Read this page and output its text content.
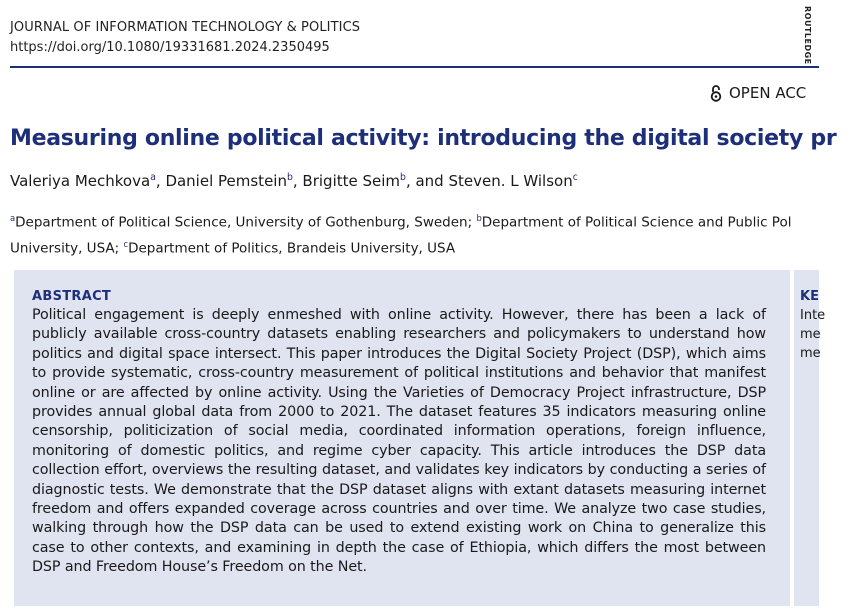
JOURNAL OF INFORMATION TECHNOLOGY & POLITICS
https://doi.org/10.1080/19331681.2024.2350495	ROUTLEDGE
OPEN ACC
Measuring online political activity: introducing the digital society pr
Valeriya Mechkova$^a$, Daniel Pemstein$^b$, Brigitte Seim$^b$, and Steven. L Wilson$^c$
$^a$Department of Political Science, University of Gothenburg, Sweden; $^b$Department of Political Science and Public Pol University, USA; $^c$Department of Politics, Brandeis University, USA
ABSTRACT
Political engagement is deeply enmeshed with online activity. However, there has been a lack of publicly available cross-country datasets enabling researchers and policymakers to understand how politics and digital space intersect. This paper introduces the Digital Society Project (DSP), which aims to provide systematic, cross-country measurement of political institutions and behavior that manifest online or are affected by online activity. Using the Varieties of Democracy Project infrastructure, DSP provides annual global data from 2000 to 2021. The dataset features 35 indicators measuring online censorship, politicization of social media, coordinated information operations, foreign influence, monitoring of domestic politics, and regime cyber capacity. This article introduces the DSP data collection effort, overviews the resulting dataset, and validates key indicators by conducting a series of diagnostic tests. We demonstrate that the DSP dataset aligns with extant datasets measuring internet freedom and offers expanded coverage across countries and over time. We analyze two case studies, walking through how the DSP data can be used to extend existing work on China to generalize this case to other contexts, and examining in depth the case of Ethiopia, which differs the most between DSP and Freedom House’s Freedom on the Net.
KE
Inte
me
me
